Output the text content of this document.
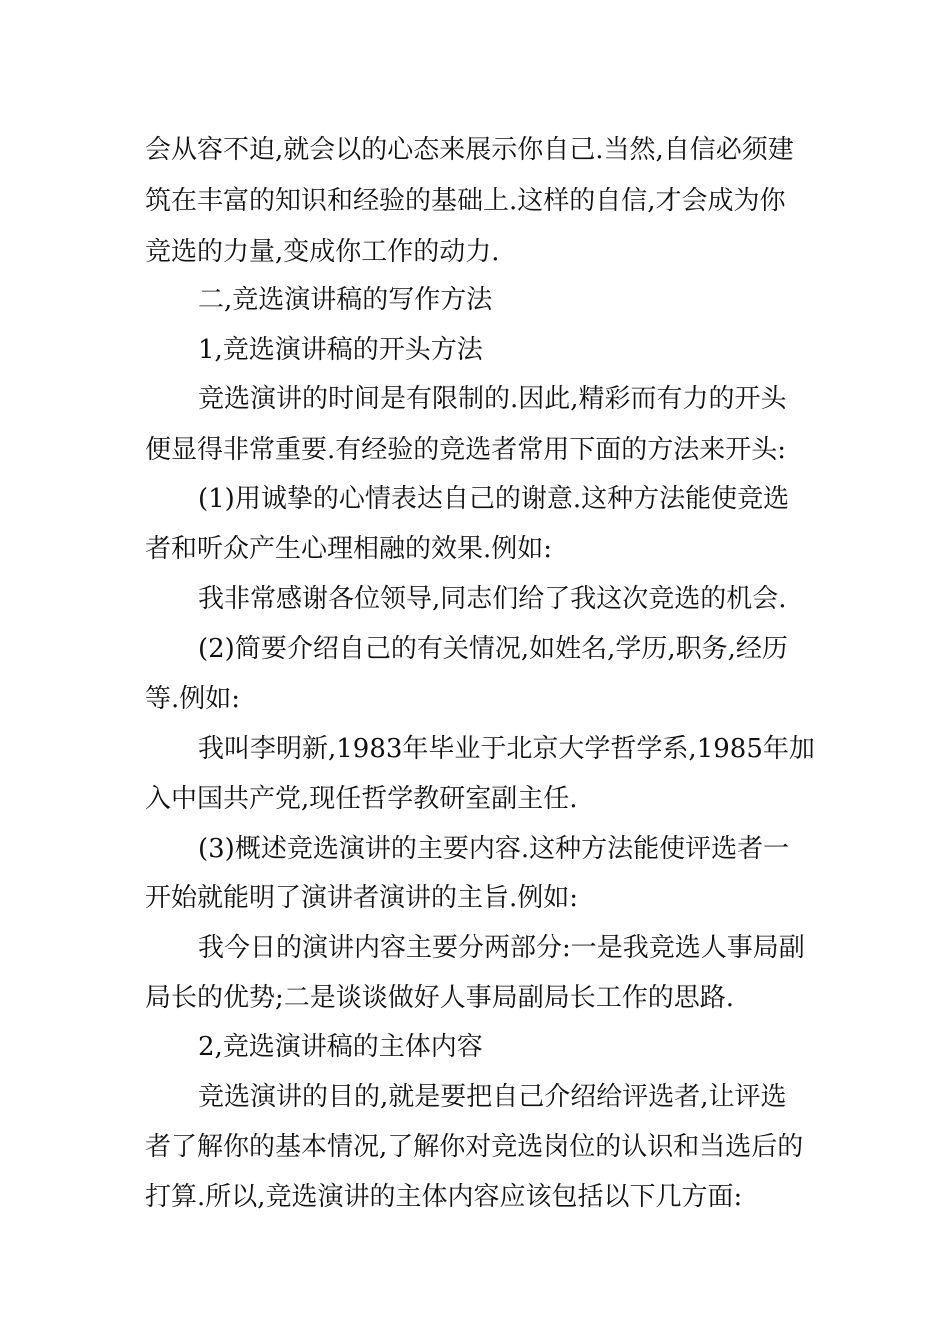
会从容不迫,就会以的心态来展示你自己.当然,自信必须建
筑在丰富的知识和经验的基础上.这样的自信,才会成为你
竞选的力量,变成你工作的动力.
二,竞选演讲稿的写作方法
1,竞选演讲稿的开头方法
竞选演讲的时间是有限制的.因此,精彩而有力的开头
便显得非常重要.有经验的竞选者常用下面的方法来开头:
(1)用诚挚的心情表达自己的谢意.这种方法能使竞选
者和听众产生心理相融的效果.例如:
我非常感谢各位领导,同志们给了我这次竞选的机会.
(2)简要介绍自己的有关情况,如姓名,学历,职务,经历
等.例如:
我叫李明新,1983年毕业于北京大学哲学系,1985年加
入中国共产党,现任哲学教研室副主任.
(3)概述竞选演讲的主要内容.这种方法能使评选者一
开始就能明了演讲者演讲的主旨.例如:
我今日的演讲内容主要分两部分:一是我竞选人事局副
局长的优势;二是谈谈做好人事局副局长工作的思路.
2,竞选演讲稿的主体内容
竞选演讲的目的,就是要把自己介绍给评选者,让评选
者了解你的基本情况,了解你对竞选岗位的认识和当选后的
打算.所以,竞选演讲的主体内容应该包括以下几方面:
